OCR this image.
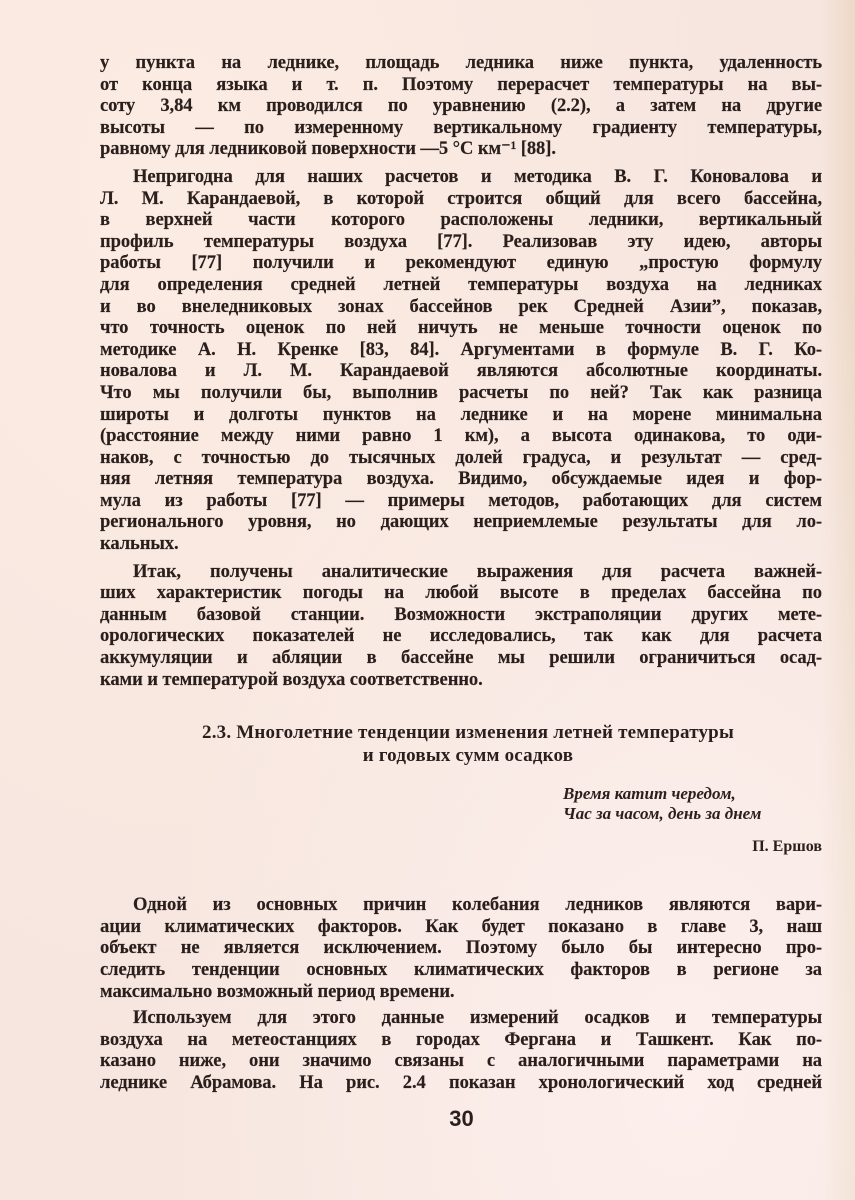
у пункта на леднике, площадь ледника ниже пункта, удаленность
от конца языка и т. п. Поэтому перерасчет температуры на вы-
соту 3,84 км проводился по уравнению (2.2), а затем на другие
высоты — по измеренному вертикальному градиенту температуры,
равному для ледниковой поверхности —5 °С км⁻¹ [88].
Непригодна для наших расчетов и методика В. Г. Коновалова и
Л. М. Карандаевой, в которой строится общий для всего бассейна,
в верхней части которого расположены ледники, вертикальный
профиль температуры воздуха [77]. Реализовав эту идею, авторы
работы [77] получили и рекомендуют единую „простую формулу
для определения средней летней температуры воздуха на ледниках
и во внеледниковых зонах бассейнов рек Средней Азии”, показав,
что точность оценок по ней ничуть не меньше точности оценок по
методике А. Н. Кренке [83, 84]. Аргументами в формуле В. Г. Ко-
новалова и Л. М. Карандаевой являются абсолютные координаты.
Что мы получили бы, выполнив расчеты по ней? Так как разница
широты и долготы пунктов на леднике и на морене минимальна
(расстояние между ними равно 1 км), а высота одинакова, то оди-
наков, с точностью до тысячных долей градуса, и результат — сред-
няя летняя температура воздуха. Видимо, обсуждаемые идея и фор-
мула из работы [77] — примеры методов, работающих для систем
регионального уровня, но дающих неприемлемые результаты для ло-
кальных.
Итак, получены аналитические выражения для расчета важней-
ших характеристик погоды на любой высоте в пределах бассейна по
данным базовой станции. Возможности экстраполяции других мете-
орологических показателей не исследовались, так как для расчета
аккумуляции и абляции в бассейне мы решили ограничиться осад-
ками и температурой воздуха соответственно.
2.3. Многолетние тенденции изменения летней температуры
и годовых сумм осадков
Время катит чередом,
Час за часом, день за днем
П. Ершов
Одной из основных причин колебания ледников являются вари-
ации климатических факторов. Как будет показано в главе 3, наш
объект не является исключением. Поэтому было бы интересно про-
следить тенденции основных климатических факторов в регионе за
максимально возможный период времени.
Используем для этого данные измерений осадков и температуры
воздуха на метеостанциях в городах Фергана и Ташкент. Как по-
казано ниже, они значимо связаны с аналогичными параметрами на
леднике Абрамова. На рис. 2.4 показан хронологический ход средней
30
